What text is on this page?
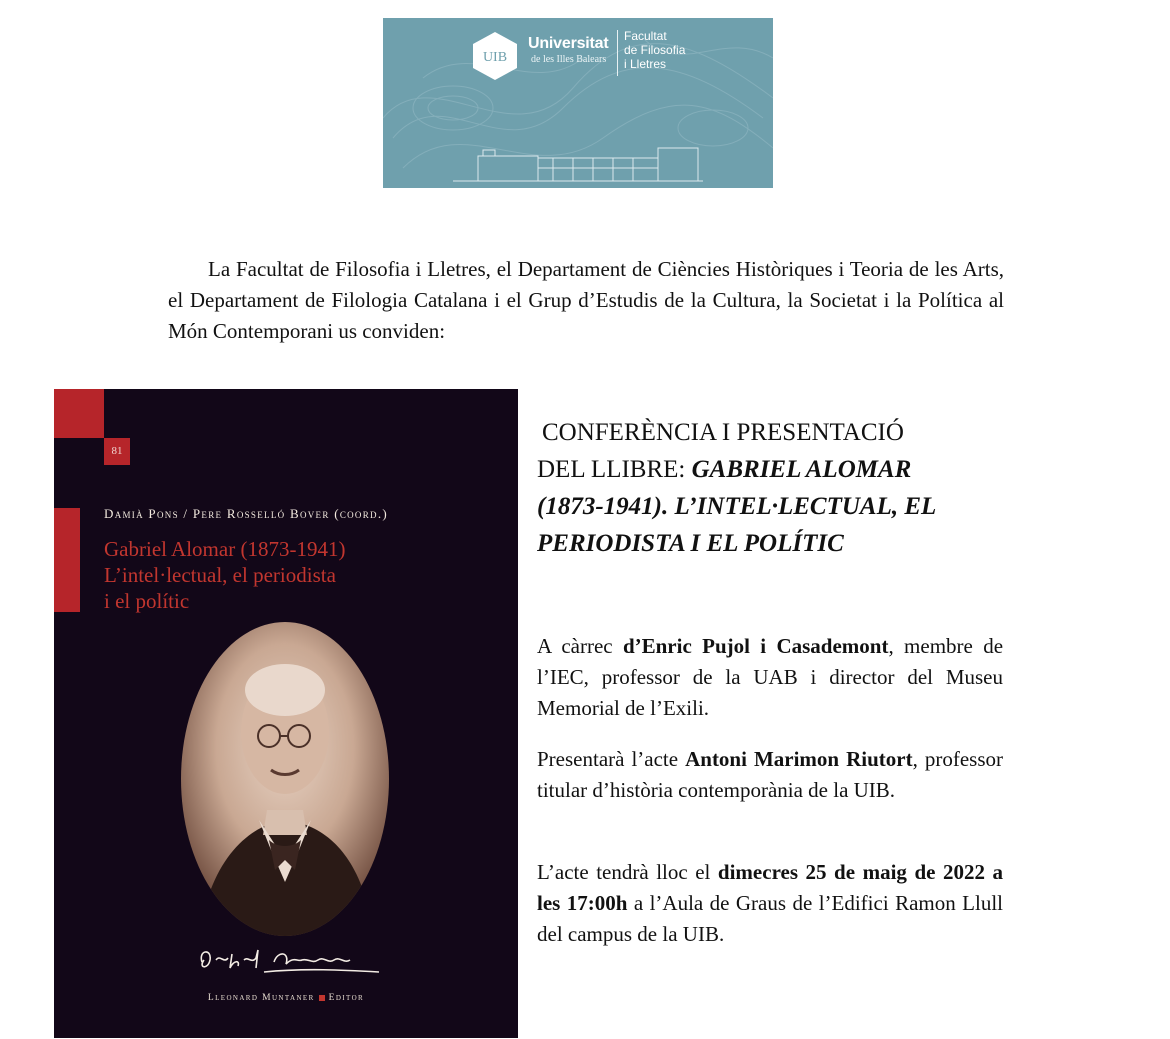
UIB
Universitat
de les Illes Balears
Facultat
de Filosofia
i Lletres

La Facultat de Filosofia i Lletres, el Departament de Ciències Històriques i Teoria de les Arts, el Departament de Filologia Catalana i el Grup d’Estudis de la Cultura, la Societat i la Política al Món Contemporani us conviden:

81
Damià Pons / Pere Rosselló Bover (coord.)
Gabriel Alomar (1873-1941)
L’intel·lectual, el periodista
i el polític
Lleonard Muntaner Editor
CONFERÈNCIA I PRESENTACIÓ
DEL LLIBRE: GABRIEL ALOMAR
(1873-1941). L’INTEL·LECTUAL, EL
PERIODISTA I EL POLÍTIC

A càrrec d’Enric Pujol i Casademont, membre de l’IEC, professor de la UAB i director del Museu Memorial de l’Exili.

Presentarà l’acte Antoni Marimon Riutort, professor titular d’història contemporània de la UIB.

L’acte tendrà lloc el dimecres 25 de maig de 2022 a les 17:00h a l’Aula de Graus de l’Edifici Ramon Llull del campus de la UIB.
